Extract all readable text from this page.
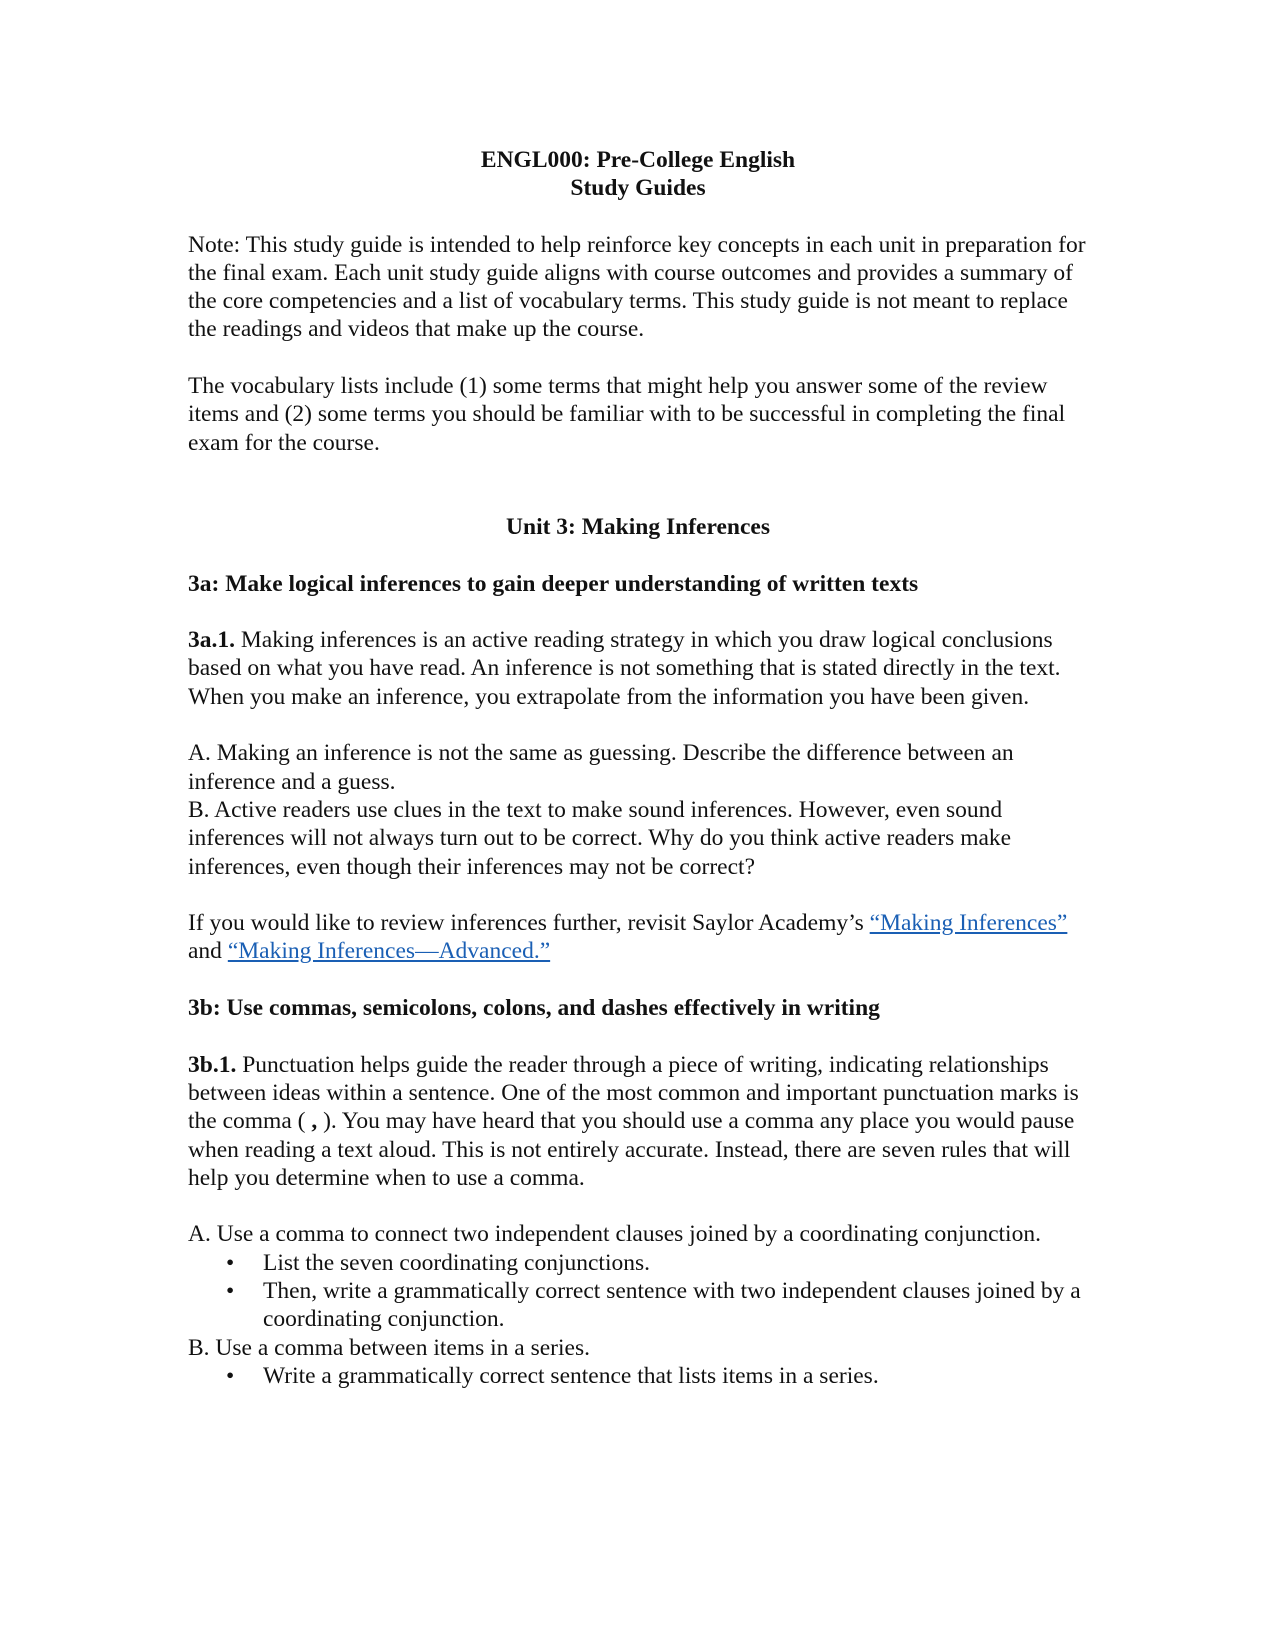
ENGL000: Pre-College English

Study Guides

Note: This study guide is intended to help reinforce key concepts in each unit in preparation for the final exam. Each unit study guide aligns with course outcomes and provides a summary of the core competencies and a list of vocabulary terms. This study guide is not meant to replace the readings and videos that make up the course.

The vocabulary lists include (1) some terms that might help you answer some of the review items and (2) some terms you should be familiar with to be successful in completing the final exam for the course.

Unit 3: Making Inferences

3a: Make logical inferences to gain deeper understanding of written texts

3a.1. Making inferences is an active reading strategy in which you draw logical conclusions based on what you have read. An inference is not something that is stated directly in the text. When you make an inference, you extrapolate from the information you have been given.

A. Making an inference is not the same as guessing. Describe the difference between an inference and a guess.

B. Active readers use clues in the text to make sound inferences. However, even sound inferences will not always turn out to be correct. Why do you think active readers make inferences, even though their inferences may not be correct?

If you would like to review inferences further, revisit Saylor Academy’s “Making Inferences” and “Making Inferences—Advanced.”

3b: Use commas, semicolons, colons, and dashes effectively in writing

3b.1. Punctuation helps guide the reader through a piece of writing, indicating relationships between ideas within a sentence. One of the most common and important punctuation marks is the comma ( , ). You may have heard that you should use a comma any place you would pause when reading a text aloud. This is not entirely accurate. Instead, there are seven rules that will help you determine when to use a comma.

A. Use a comma to connect two independent clauses joined by a coordinating conjunction.

• List the seven coordinating conjunctions.
• Then, write a grammatically correct sentence with two independent clauses joined by a coordinating conjunction.

B. Use a comma between items in a series.

• Write a grammatically correct sentence that lists items in a series.
